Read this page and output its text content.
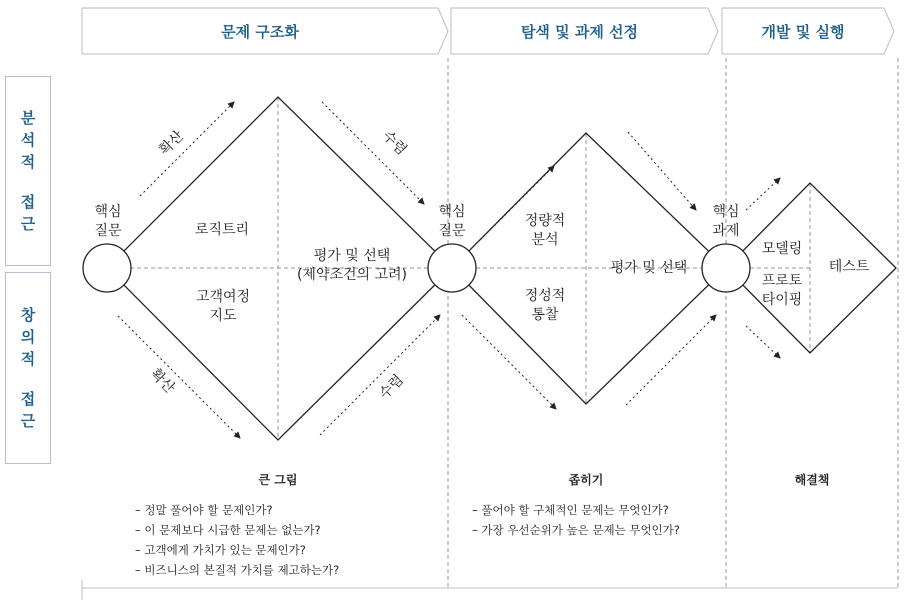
문제 구조화	탐색 및 과제 선정	개발 및 실행
분
석
적
접
근
창
의
적
접
근
핵심
질문
핵심
질문
핵심
과제
확산
확산
수렴
수렴
로직트리
고객여정
지도
평가 및 선택
(제약조건의 고려)
정량적
분석
정성적
통찰
평가 및 선택
모델링
프로토
타이핑
테스트
큰 그림	좁히기	해결책
– 정말 풀어야 할 문제인가?
– 이 문제보다 시급한 문제는 없는가?
– 고객에게 가치가 있는 문제인가?
– 비즈니스의 본질적 가치를 제고하는가?
– 풀어야 할 구체적인 문제는 무엇인가?
– 가장 우선순위가 높은 문제는 무엇인가?
